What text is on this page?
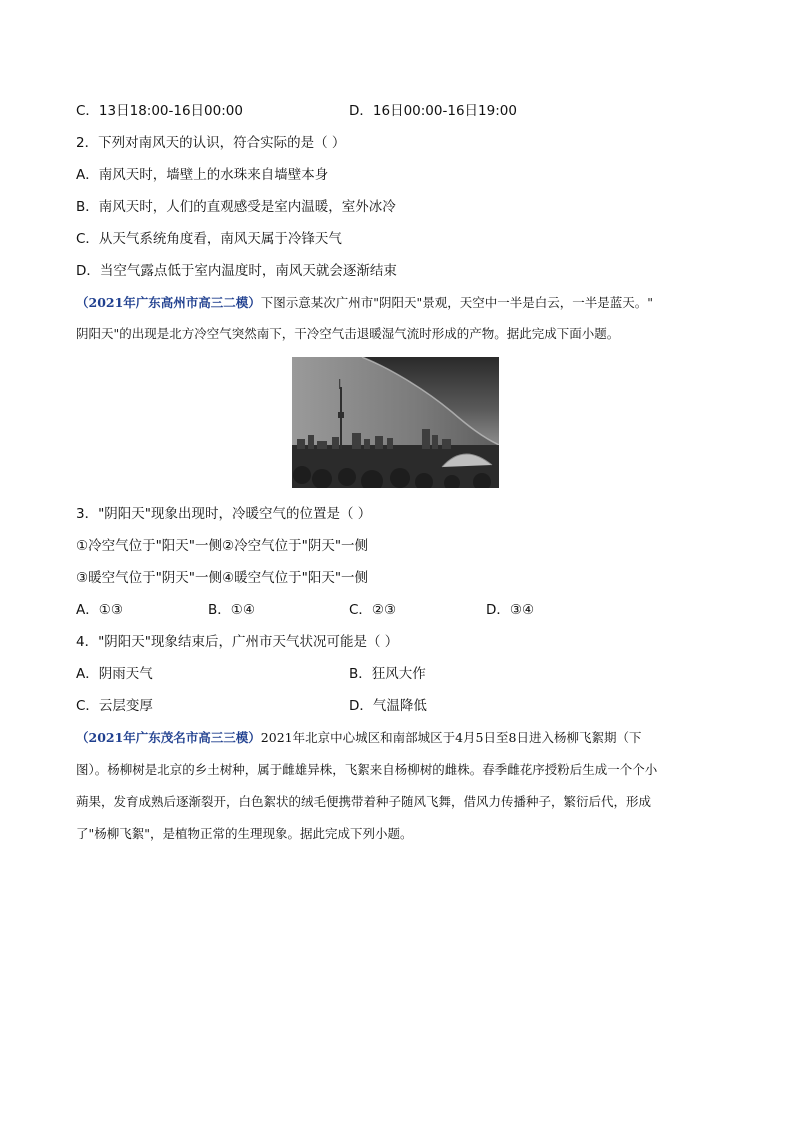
C．13日18:00-16日00:00	D．16日00:00-16日19:00
2．下列对南风天的认识，符合实际的是（ ）
A．南风天时，墙壁上的水珠来自墙壁本身
B．南风天时，人们的直观感受是室内温暖，室外冰冷
C．从天气系统角度看，南风天属于冷锋天气
D．当空气露点低于室内温度时，南风天就会逐渐结束
（2021年广东高州市高三二模）下图示意某次广州市"阴阳天"景观，天空中一半是白云，一半是蓝天。"
阴阳天"的出现是北方冷空气突然南下，干冷空气击退暖湿气流时形成的产物。据此完成下面小题。
3．"阴阳天"现象出现时，冷暖空气的位置是（ ）
①冷空气位于"阳天"一侧②冷空气位于"阴天"一侧
③暖空气位于"阴天"一侧④暖空气位于"阳天"一侧
A．①③	B．①④	C．②③	D．③④
4．"阴阳天"现象结束后，广州市天气状况可能是（ ）
A．阴雨天气	B．狂风大作
C．云层变厚	D．气温降低
（2021年广东茂名市高三三模）2021年北京中心城区和南部城区于4月5日至8日进入杨柳飞絮期（下
图）。杨柳树是北京的乡土树种，属于雌雄异株，飞絮来自杨柳树的雌株。春季雌花序授粉后生成一个个小
蒴果，发育成熟后逐渐裂开，白色絮状的绒毛便携带着种子随风飞舞，借风力传播种子，繁衍后代，形成
了"杨柳飞絮"，是植物正常的生理现象。据此完成下列小题。
